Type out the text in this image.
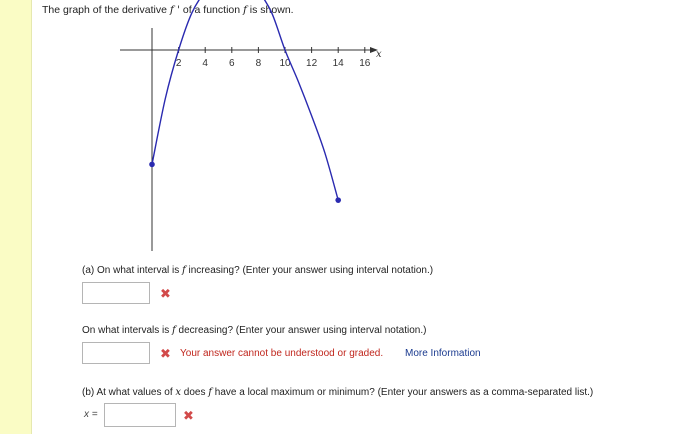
The graph of the derivative f ' of a function f is shown.
2 4 6 8 10 12 14 16
x
(a) On what interval is f increasing? (Enter your answer using interval notation.)
✖
On what intervals is f decreasing? (Enter your answer using interval notation.)
✖ Your answer cannot be understood or graded. More Information
(b) At what values of x does f have a local maximum or minimum? (Enter your answers as a comma-separated list.)
x =	✖
